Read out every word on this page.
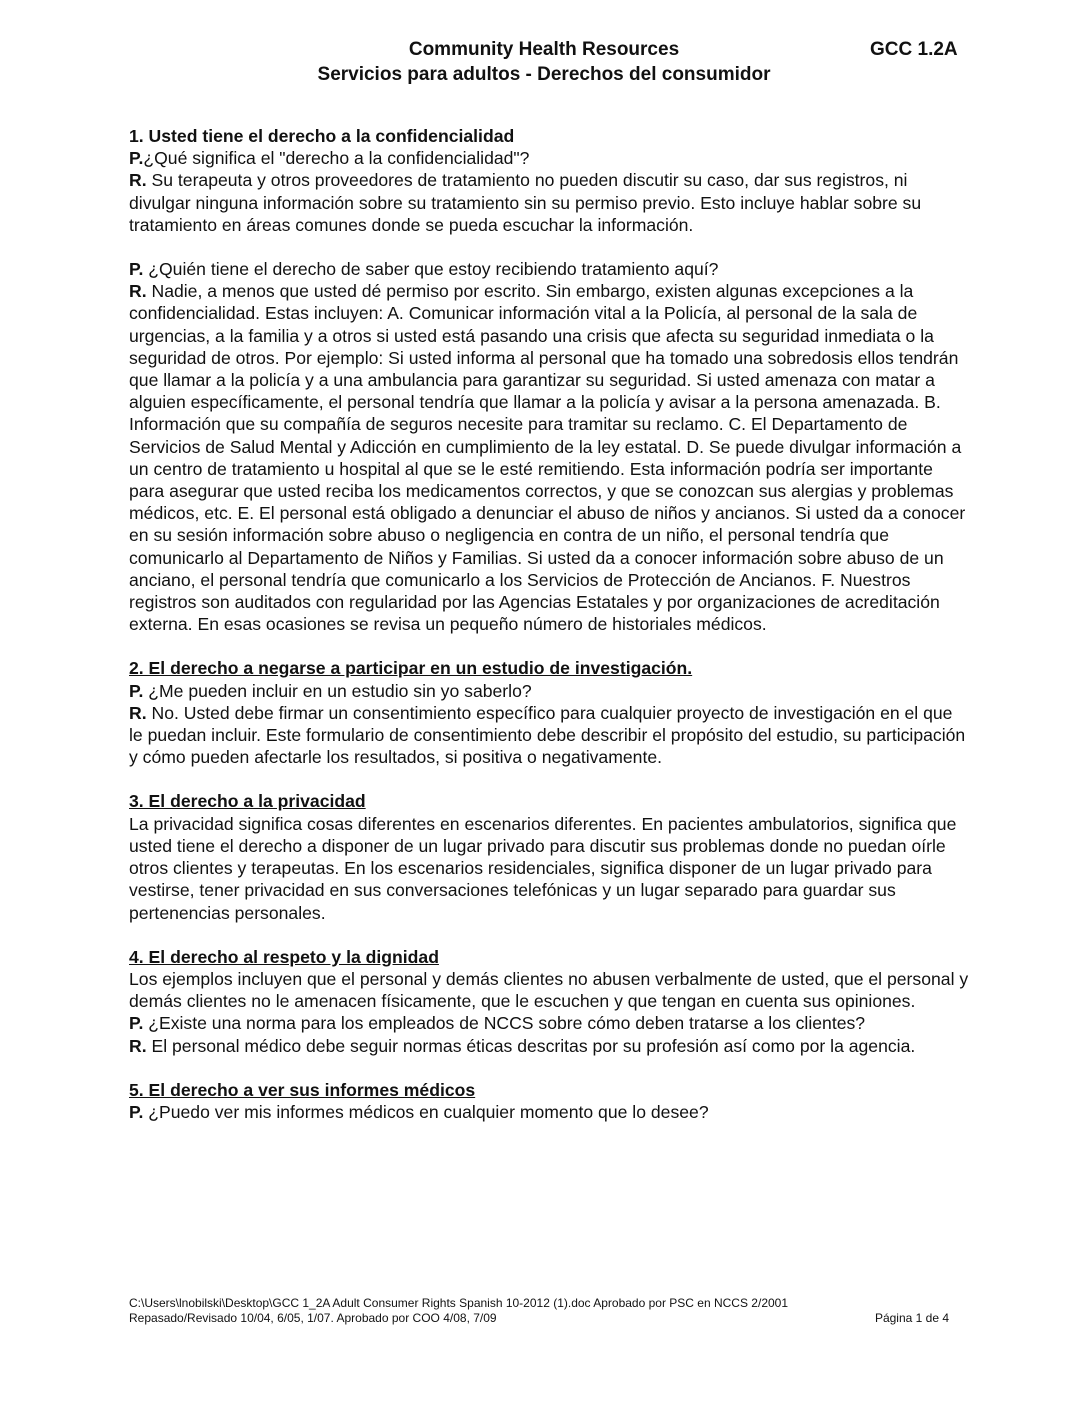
Community Health Resources	GCC 1.2A
Servicios para adultos - Derechos del consumidor

1. Usted tiene el derecho a la confidencialidad

P.¿Qué significa el "derecho a la confidencialidad"?

R. Su terapeuta y otros proveedores de tratamiento no pueden discutir su caso, dar sus registros, ni divulgar ninguna información sobre su tratamiento sin su permiso previo. Esto incluye hablar sobre su tratamiento en áreas comunes donde se pueda escuchar la información.

P. ¿Quién tiene el derecho de saber que estoy recibiendo tratamiento aquí?

R. Nadie, a menos que usted dé permiso por escrito. Sin embargo, existen algunas excepciones a la confidencialidad. Estas incluyen: A. Comunicar información vital a la Policía, al personal de la sala de urgencias, a la familia y a otros si usted está pasando una crisis que afecta su seguridad inmediata o la seguridad de otros. Por ejemplo: Si usted informa al personal que ha tomado una sobredosis ellos tendrán que llamar a la policía y a una ambulancia para garantizar su seguridad. Si usted amenaza con matar a alguien específicamente, el personal tendría que llamar a la policía y avisar a la persona amenazada. B. Información que su compañía de seguros necesite para tramitar su reclamo. C. El Departamento de Servicios de Salud Mental y Adicción en cumplimiento de la ley estatal. D. Se puede divulgar información a un centro de tratamiento u hospital al que se le esté remitiendo. Esta información podría ser importante para asegurar que usted reciba los medicamentos correctos, y que se conozcan sus alergias y problemas médicos, etc. E. El personal está obligado a denunciar el abuso de niños y ancianos. Si usted da a conocer en su sesión información sobre abuso o negligencia en contra de un niño, el personal tendría que comunicarlo al Departamento de Niños y Familias. Si usted da a conocer información sobre abuso de un anciano, el personal tendría que comunicarlo a los Servicios de Protección de Ancianos. F. Nuestros registros son auditados con regularidad por las Agencias Estatales y por organizaciones de acreditación externa. En esas ocasiones se revisa un pequeño número de historiales médicos.

2. El derecho a negarse a participar en un estudio de investigación.

P. ¿Me pueden incluir en un estudio sin yo saberlo?

R. No. Usted debe firmar un consentimiento específico para cualquier proyecto de investigación en el que le puedan incluir. Este formulario de consentimiento debe describir el propósito del estudio, su participación y cómo pueden afectarle los resultados, si positiva o negativamente.

3. El derecho a la privacidad

La privacidad significa cosas diferentes en escenarios diferentes. En pacientes ambulatorios, significa que usted tiene el derecho a disponer de un lugar privado para discutir sus problemas donde no puedan oírle otros clientes y terapeutas. En los escenarios residenciales, significa disponer de un lugar privado para vestirse, tener privacidad en sus conversaciones telefónicas y un lugar separado para guardar sus pertenencias personales.

4. El derecho al respeto y la dignidad

Los ejemplos incluyen que el personal y demás clientes no abusen verbalmente de usted, que el personal y demás clientes no le amenacen físicamente, que le escuchen y que tengan en cuenta sus opiniones.

P. ¿Existe una norma para los empleados de NCCS sobre cómo deben tratarse a los clientes?

R. El personal médico debe seguir normas éticas descritas por su profesión así como por la agencia.

5. El derecho a ver sus informes médicos

P. ¿Puedo ver mis informes médicos en cualquier momento que lo desee?

C:\Users\lnobilski\Desktop\GCC 1_2A Adult Consumer Rights Spanish 10-2012 (1).doc Aprobado por PSC en NCCS 2/2001
Repasado/Revisado 10/04, 6/05, 1/07. Aprobado por COO 4/08, 7/09	Página 1 de 4
